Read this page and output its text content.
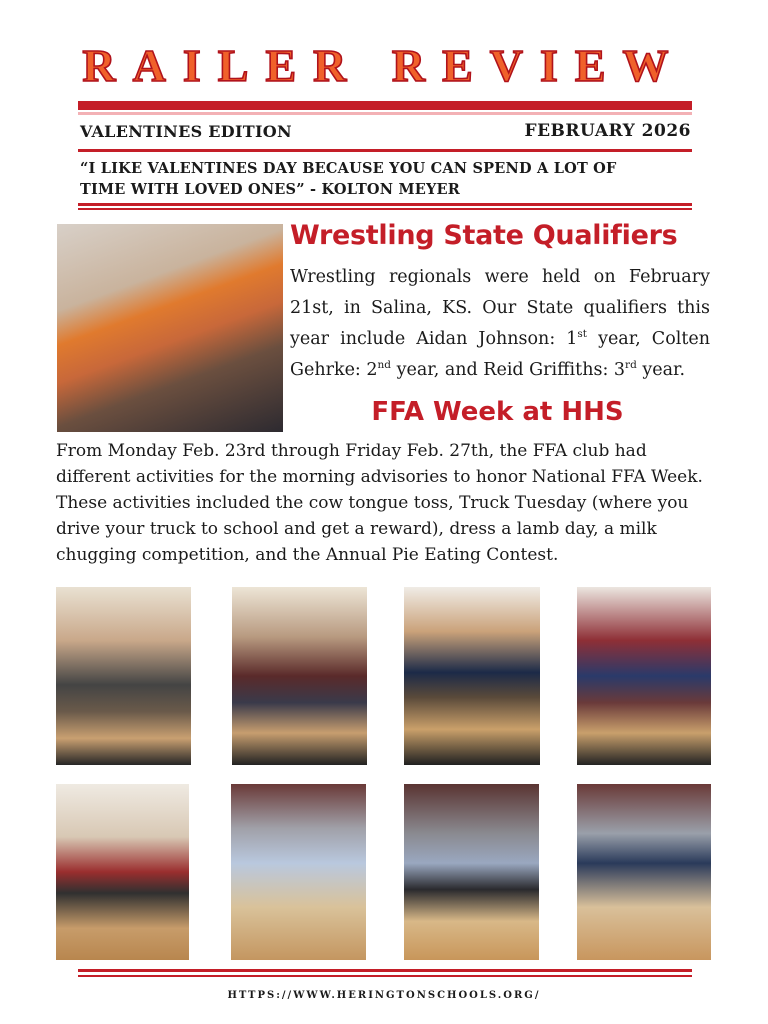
RAILER REVIEW
VALENTINES EDITION	FEBRUARY 2026
“I LIKE VALENTINES DAY BECAUSE YOU CAN SPEND A LOT OF
TIME WITH LOVED ONES” - KOLTON MEYER
Wrestling State Qualifiers
Wrestling regionals were held on February 21st, in Salina, KS. Our State qualifiers this year include Aidan Johnson: 1st year, Colten Gehrke: 2nd year, and Reid Griffiths: 3rd year.
FFA Week at HHS
From Monday Feb. 23rd through Friday Feb. 27th, the FFA club had different activities for the morning advisories to honor National FFA Week. These activities included the cow tongue toss, Truck Tuesday (where you drive your truck to school and get a reward), dress a lamb day, a milk chugging competition, and the Annual Pie Eating Contest.
HTTPS://WWW.HERINGTONSCHOOLS.ORG/
